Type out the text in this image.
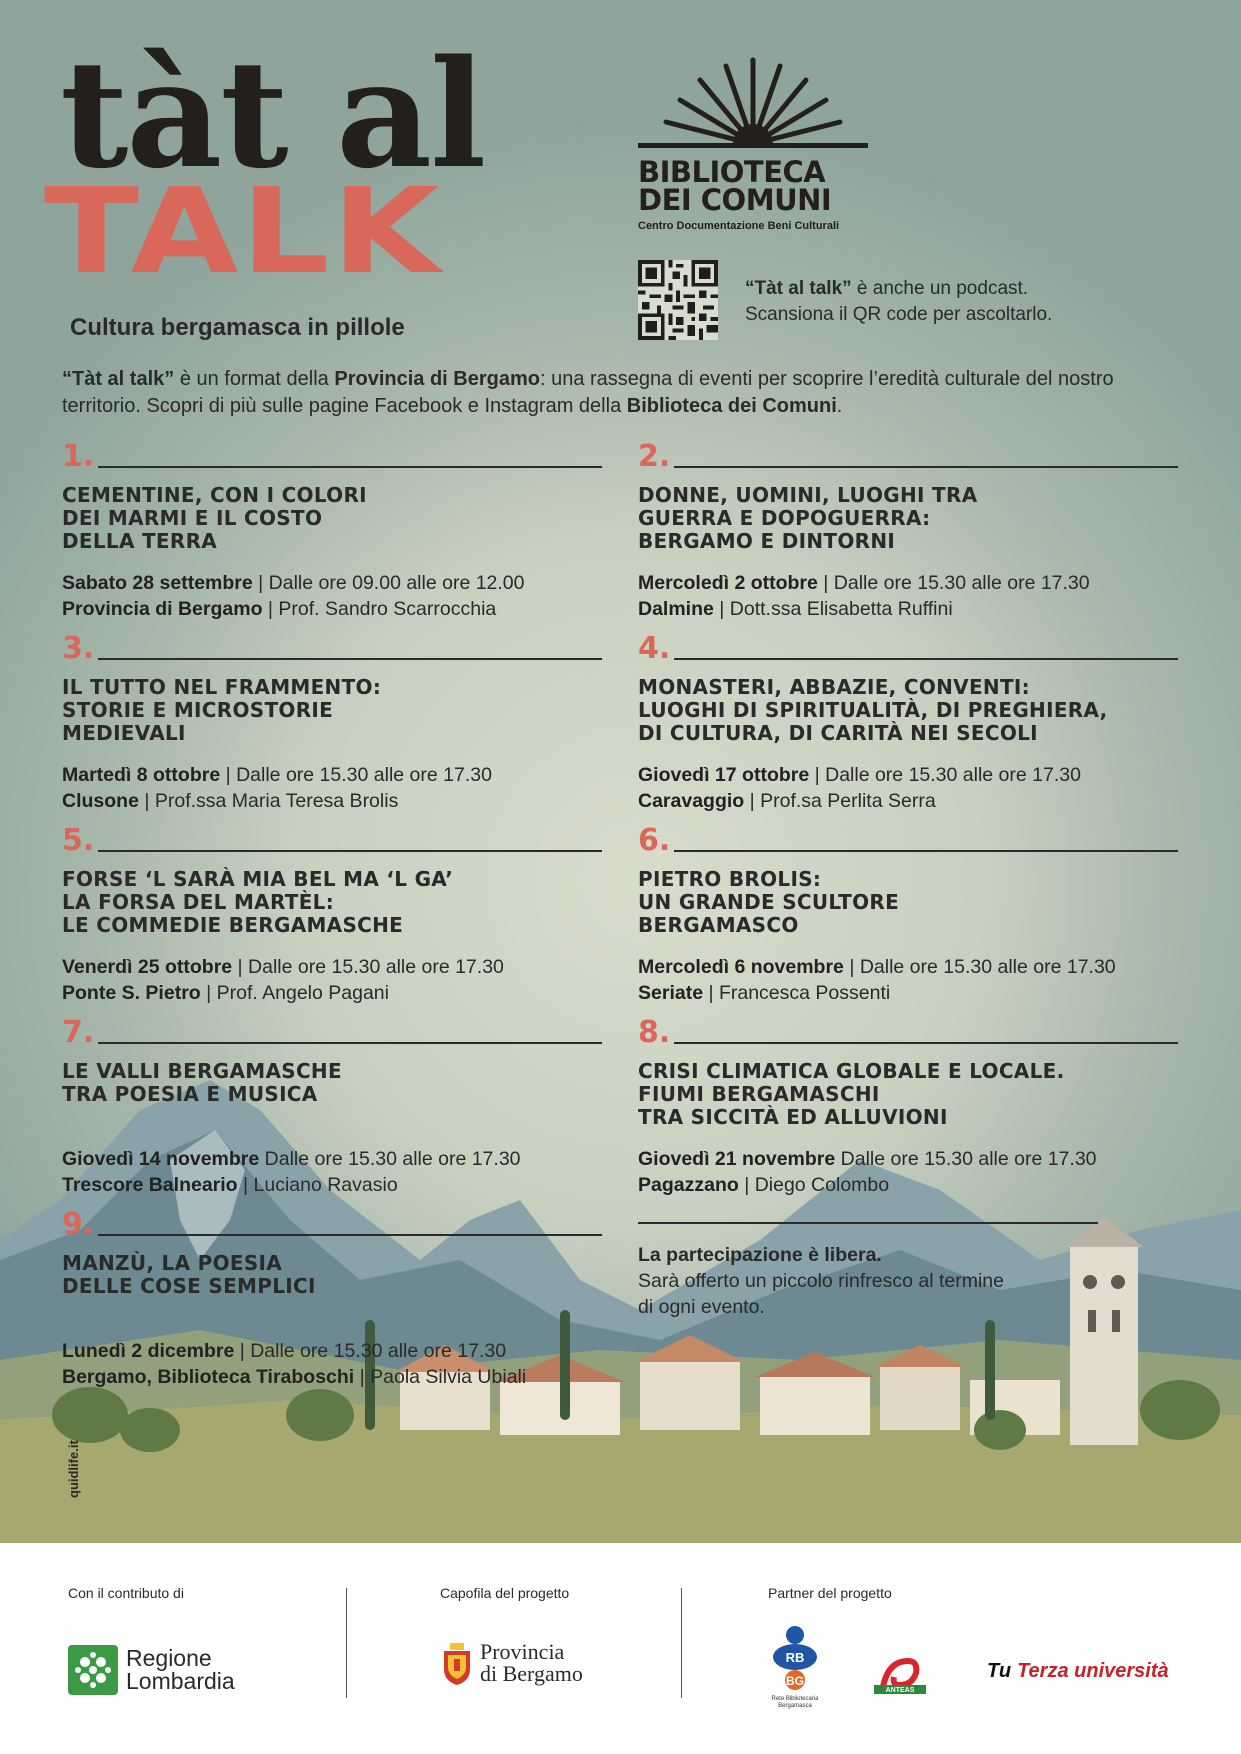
tàt al
TALK
Cultura bergamasca in pillole
BIBLIOTECA
DEI COMUNI
Centro Documentazione Beni Culturali
“Tàt al talk” è anche un podcast.
Scansiona il QR code per ascoltarlo.
“Tàt al talk” è un format della Provincia di Bergamo: una rassegna di eventi per scoprire l’eredità culturale del nostro territorio. Scopri di più sulle pagine Facebook e Instagram della Biblioteca dei Comuni.
1.
CEMENTINE, CON I COLORI
DEI MARMI E IL COSTO
DELLA TERRA
Sabato 28 settembre | Dalle ore 09.00 alle ore 12.00
Provincia di Bergamo | Prof. Sandro Scarrocchia
2.
DONNE, UOMINI, LUOGHI TRA
GUERRA E DOPOGUERRA:
BERGAMO E DINTORNI
Mercoledì 2 ottobre | Dalle ore 15.30 alle ore 17.30
Dalmine | Dott.ssa Elisabetta Ruffini
3.
IL TUTTO NEL FRAMMENTO:
STORIE E MICROSTORIE
MEDIEVALI
Martedì 8 ottobre | Dalle ore 15.30 alle ore 17.30
Clusone | Prof.ssa Maria Teresa Brolis
4.
MONASTERI, ABBAZIE, CONVENTI:
LUOGHI DI SPIRITUALITÀ, DI PREGHIERA,
DI CULTURA, DI CARITÀ NEI SECOLI
Giovedì 17 ottobre | Dalle ore 15.30 alle ore 17.30
Caravaggio | Prof.sa Perlita Serra
5.
FORSE ‘L SARÀ MIA BEL MA ‘L GA’
LA FORSA DEL MARTÈL:
LE COMMEDIE BERGAMASCHE
Venerdì 25 ottobre | Dalle ore 15.30 alle ore 17.30
Ponte S. Pietro | Prof. Angelo Pagani
6.
PIETRO BROLIS:
UN GRANDE SCULTORE
BERGAMASCO
Mercoledì 6 novembre | Dalle ore 15.30 alle ore 17.30
Seriate | Francesca Possenti
7.
LE VALLI BERGAMASCHE
TRA POESIA E MUSICA
Giovedì 14 novembre Dalle ore 15.30 alle ore 17.30
Trescore Balneario | Luciano Ravasio
8.
CRISI CLIMATICA GLOBALE E LOCALE.
FIUMI BERGAMASCHI
TRA SICCITÀ ED ALLUVIONI
Giovedì 21 novembre Dalle ore 15.30 alle ore 17.30
Pagazzano | Diego Colombo
9.
MANZÙ, LA POESIA
DELLE COSE SEMPLICI
Lunedì 2 dicembre | Dalle ore 15.30 alle ore 17.30
Bergamo, Biblioteca Tiraboschi | Paola Silvia Ubiali
La partecipazione è libera.
Sarà offerto un piccolo rinfresco al termine
di ogni evento.
quidlife.it
Con il contributo di	Capofila del progetto	Partner del progetto
Regione
Lombardia
Provincia
di Bergamo
RB
BG
Rete Bibliotecaria Bergamasca
ANTEAS
Tu Terza università
